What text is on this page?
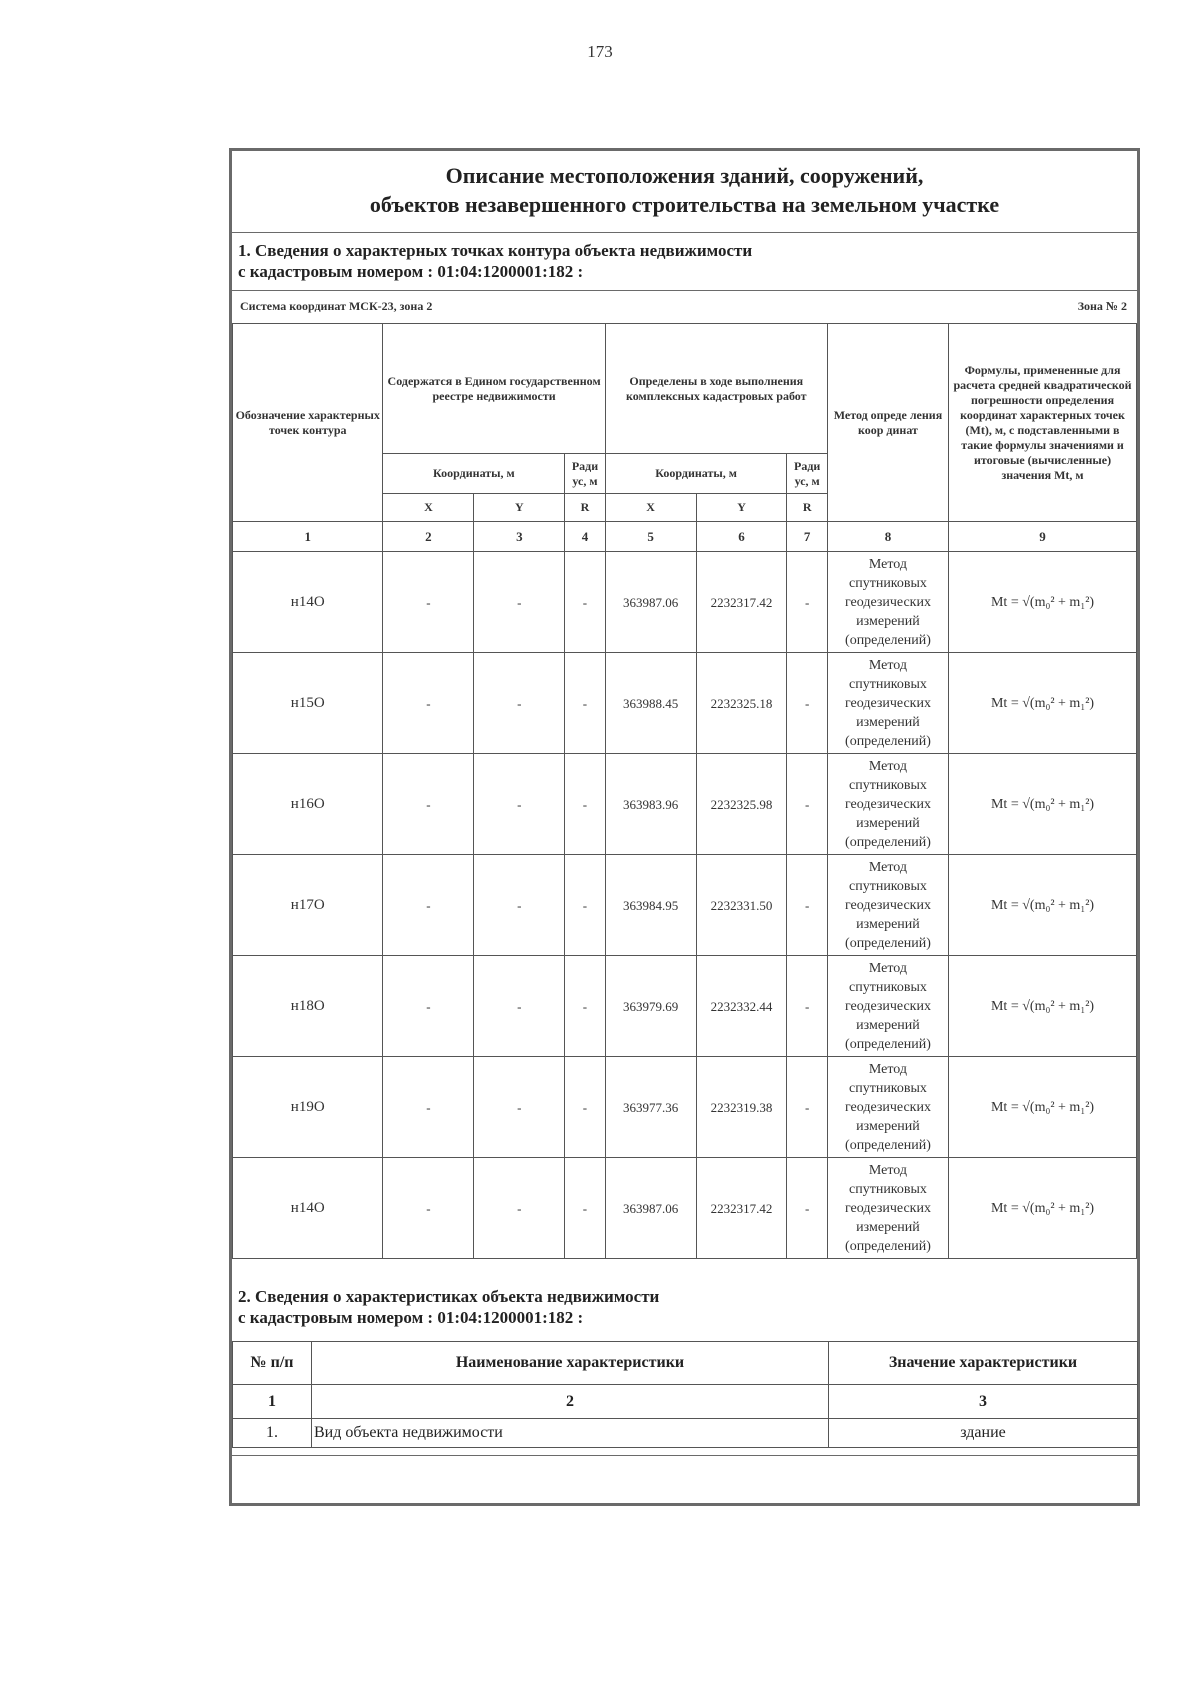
173
Описание местоположения зданий, сооружений,
объектов незавершенного строительства на земельном участке
1. Сведения о характерных точках контура объекта недвижимости
с кадастровым номером : 01:04:1200001:182 :
Система координат МСК-23, зона 2	Зона № 2
Обозначение характерных точек контура	Содержатся в Едином государственном реестре недвижимости			Определены в ходе выполнения комплексных кадастровых работ			Метод опреде ления коор динат	Формулы, примененные для расчета средней квадратической погрешности определения координат характерных точек (Mt), м, с подставленными в такие формулы значениями и итоговые (вычисленные) значения Mt, м
	Координаты, м		Ради ус, м	Координаты, м		Ради ус, м		
	X	Y	R	X	Y	R		
1	2	3	4	5	6	7	8	9
н14О	-	-	-	363987.06	2232317.42	-	Метод спутниковых геодезических измерений (определений)	Mt = √(m₀² + m₁²)
н15О	-	-	-	363988.45	2232325.18	-	Метод спутниковых геодезических измерений (определений)	Mt = √(m₀² + m₁²)
н16О	-	-	-	363983.96	2232325.98	-	Метод спутниковых геодезических измерений (определений)	Mt = √(m₀² + m₁²)
н17О	-	-	-	363984.95	2232331.50	-	Метод спутниковых геодезических измерений (определений)	Mt = √(m₀² + m₁²)
н18О	-	-	-	363979.69	2232332.44	-	Метод спутниковых геодезических измерений (определений)	Mt = √(m₀² + m₁²)
н19О	-	-	-	363977.36	2232319.38	-	Метод спутниковых геодезических измерений (определений)	Mt = √(m₀² + m₁²)
н14О	-	-	-	363987.06	2232317.42	-	Метод спутниковых геодезических измерений (определений)	Mt = √(m₀² + m₁²)
2. Сведения о характеристиках объекта недвижимости
с кадастровым номером : 01:04:1200001:182 :
№ п/п	Наименование характеристики	Значение характеристики
1	2	3
1.	Вид объекта недвижимости	здание
